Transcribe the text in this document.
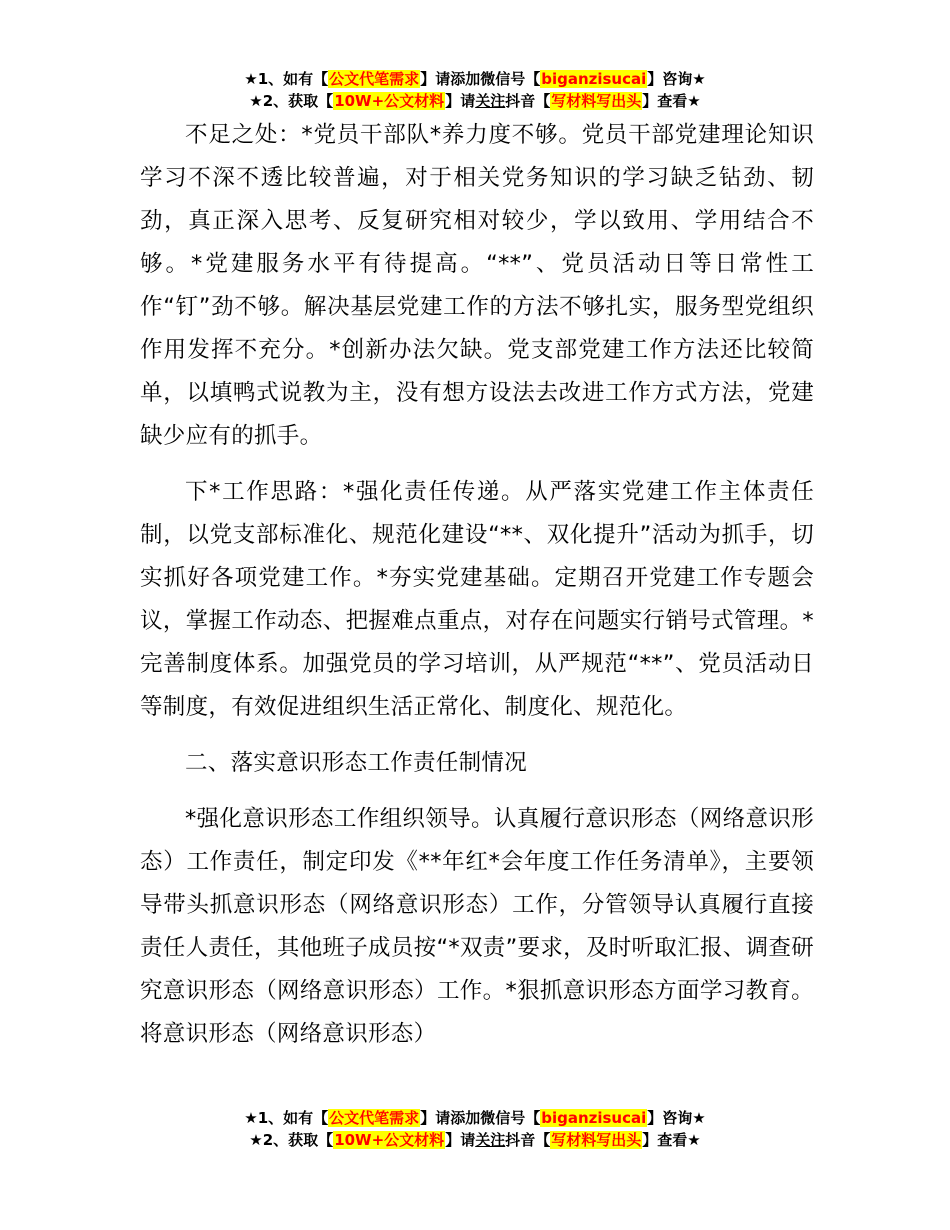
★1、如有【公文代笔需求】请添加微信号【biganzisucai】咨询★
★2、获取【10W+公文材料】请关注抖音【写材料写出头】查看★

不足之处：*党员干部队*养力度不够。党员干部党建理论知识学习不深不透比较普遍，对于相关党务知识的学习缺乏钻劲、韧劲，真正深入思考、反复研究相对较少，学以致用、学用结合不够。*党建服务水平有待提高。“**”、党员活动日等日常性工作“钉”劲不够。解决基层党建工作的方法不够扎实，服务型党组织作用发挥不充分。*创新办法欠缺。党支部党建工作方法还比较简单，以填鸭式说教为主，没有想方设法去改进工作方式方法，党建缺少应有的抓手。

下*工作思路：*强化责任传递。从严落实党建工作主体责任制，以党支部标准化、规范化建设“**、双化提升”活动为抓手，切实抓好各项党建工作。*夯实党建基础。定期召开党建工作专题会议，掌握工作动态、把握难点重点，对存在问题实行销号式管理。*完善制度体系。加强党员的学习培训，从严规范“**”、党员活动日等制度，有效促进组织生活正常化、制度化、规范化。

二、落实意识形态工作责任制情况

*强化意识形态工作组织领导。认真履行意识形态（网络意识形态）工作责任，制定印发《**年红*会年度工作任务清单》，主要领导带头抓意识形态（网络意识形态）工作，分管领导认真履行直接责任人责任，其他班子成员按“*双责”要求，及时听取汇报、调查研究意识形态（网络意识形态）工作。*狠抓意识形态方面学习教育。将意识形态（网络意识形态）

★1、如有【公文代笔需求】请添加微信号【biganzisucai】咨询★
★2、获取【10W+公文材料】请关注抖音【写材料写出头】查看★
